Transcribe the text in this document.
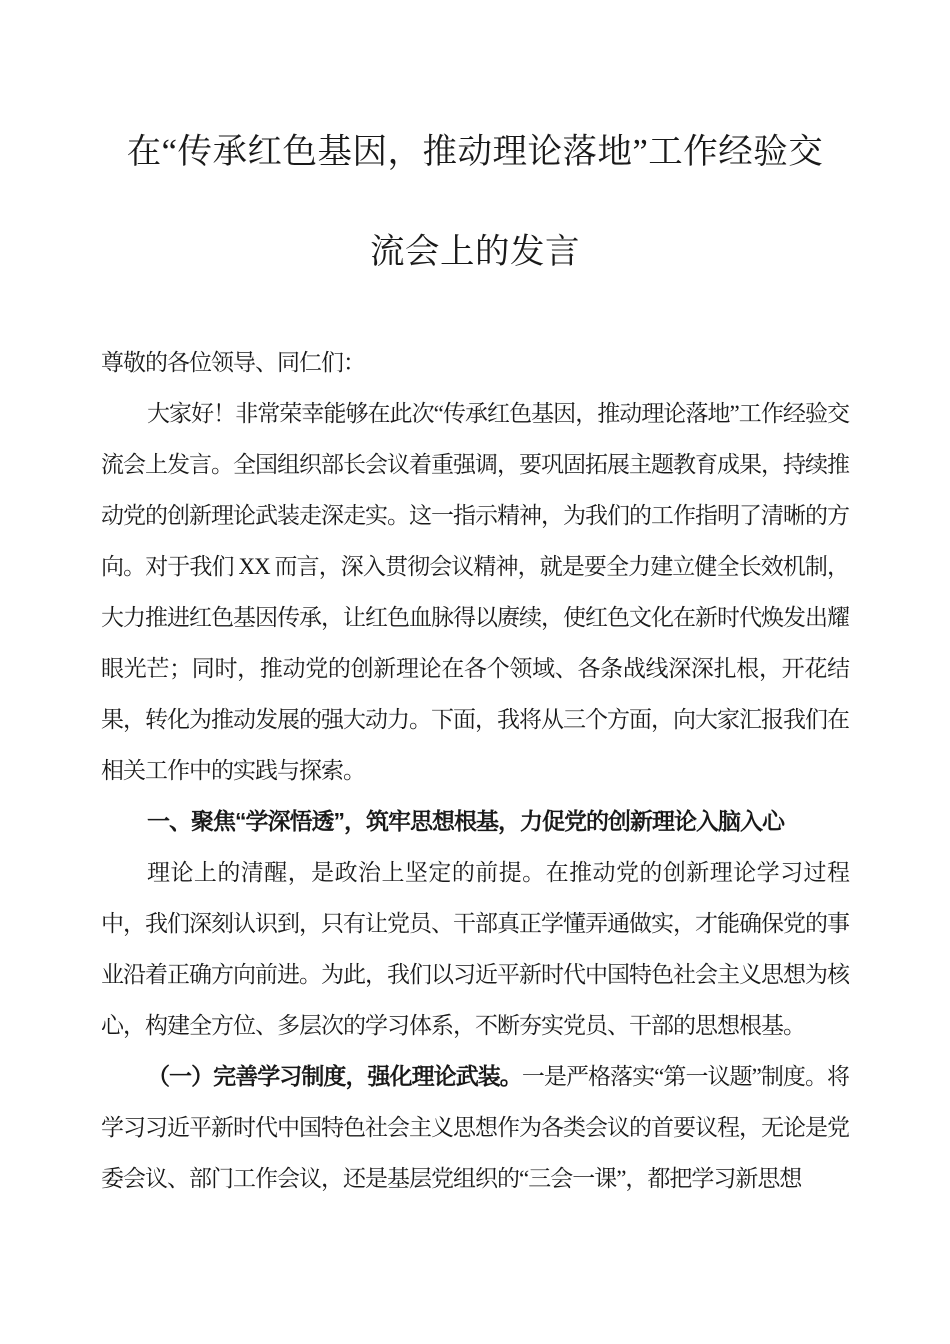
在“传承红色基因，推动理论落地”工作经验交
流会上的发言

尊敬的各位领导、同仁们：

大家好！非常荣幸能够在此次“传承红色基因，推动理论落地”工作经验交流会上发言。全国组织部长会议着重强调，要巩固拓展主题教育成果，持续推动党的创新理论武装走深走实。这一指示精神，为我们的工作指明了清晰的方向。对于我们 XX 而言，深入贯彻会议精神，就是要全力建立健全长效机制，大力推进红色基因传承，让红色血脉得以赓续，使红色文化在新时代焕发出耀眼光芒；同时，推动党的创新理论在各个领域、各条战线深深扎根，开花结果，转化为推动发展的强大动力。下面，我将从三个方面，向大家汇报我们在相关工作中的实践与探索。

一、聚焦“学深悟透”，筑牢思想根基，力促党的创新理论入脑入心

理论上的清醒，是政治上坚定的前提。在推动党的创新理论学习过程中，我们深刻认识到，只有让党员、干部真正学懂弄通做实，才能确保党的事业沿着正确方向前进。为此，我们以习近平新时代中国特色社会主义思想为核心，构建全方位、多层次的学习体系，不断夯实党员、干部的思想根基。

（一）完善学习制度，强化理论武装。一是严格落实“第一议题”制度。将学习习近平新时代中国特色社会主义思想作为各类会议的首要议程，无论是党委会议、部门工作会议，还是基层党组织的“三会一课”，都把学习新思想
